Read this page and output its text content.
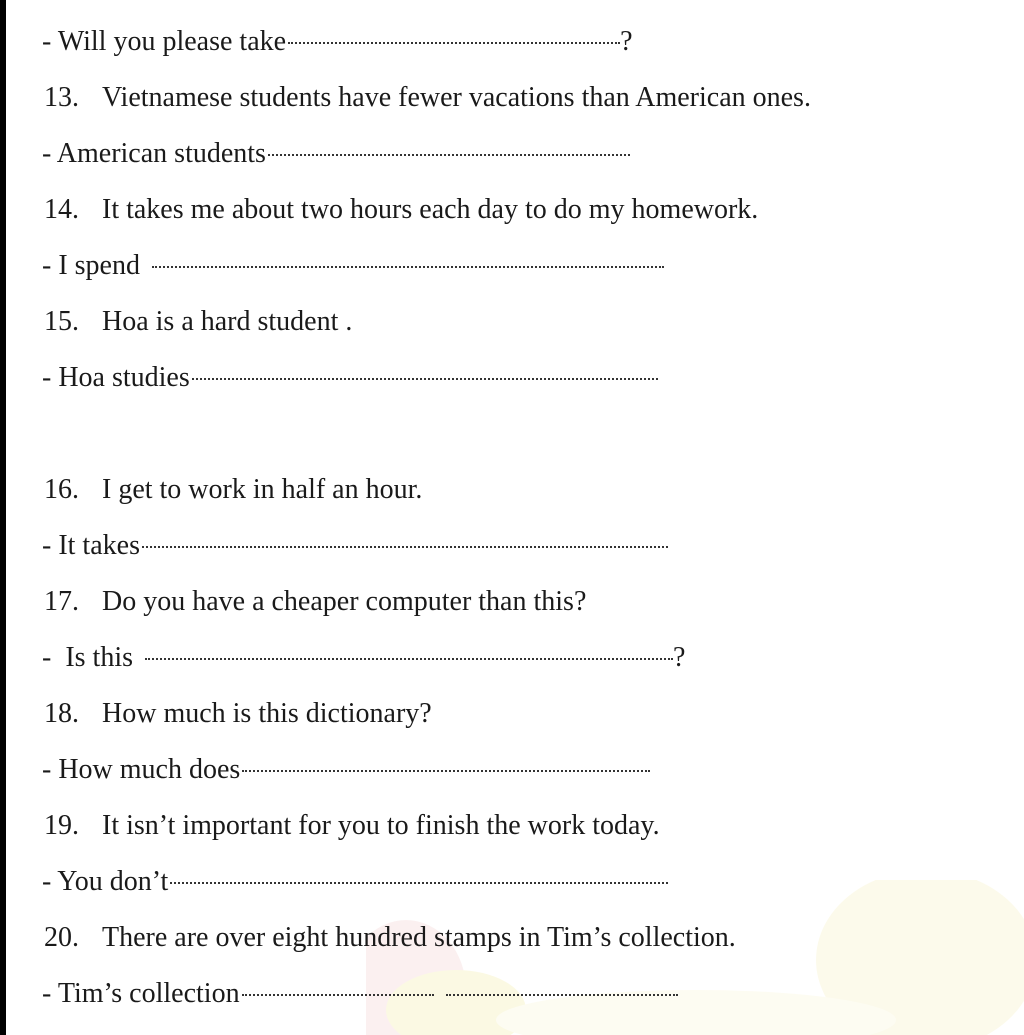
- Will you please take	?
13. Vietnamese students have fewer vacations than American ones.
- American students
14. It takes me about two hours each day to do my homework.
- I spend
15. Hoa is a hard student .
- Hoa studies
16. I get to work in half an hour.
- It takes
17. Do you have a cheaper computer than this?
-  Is this	?
18. How much is this dictionary?
- How much does
19. It isn’t important for you to finish the work today.
- You don’t
20. There are over eight hundred stamps in Tim’s collection.
- Tim’s collection
